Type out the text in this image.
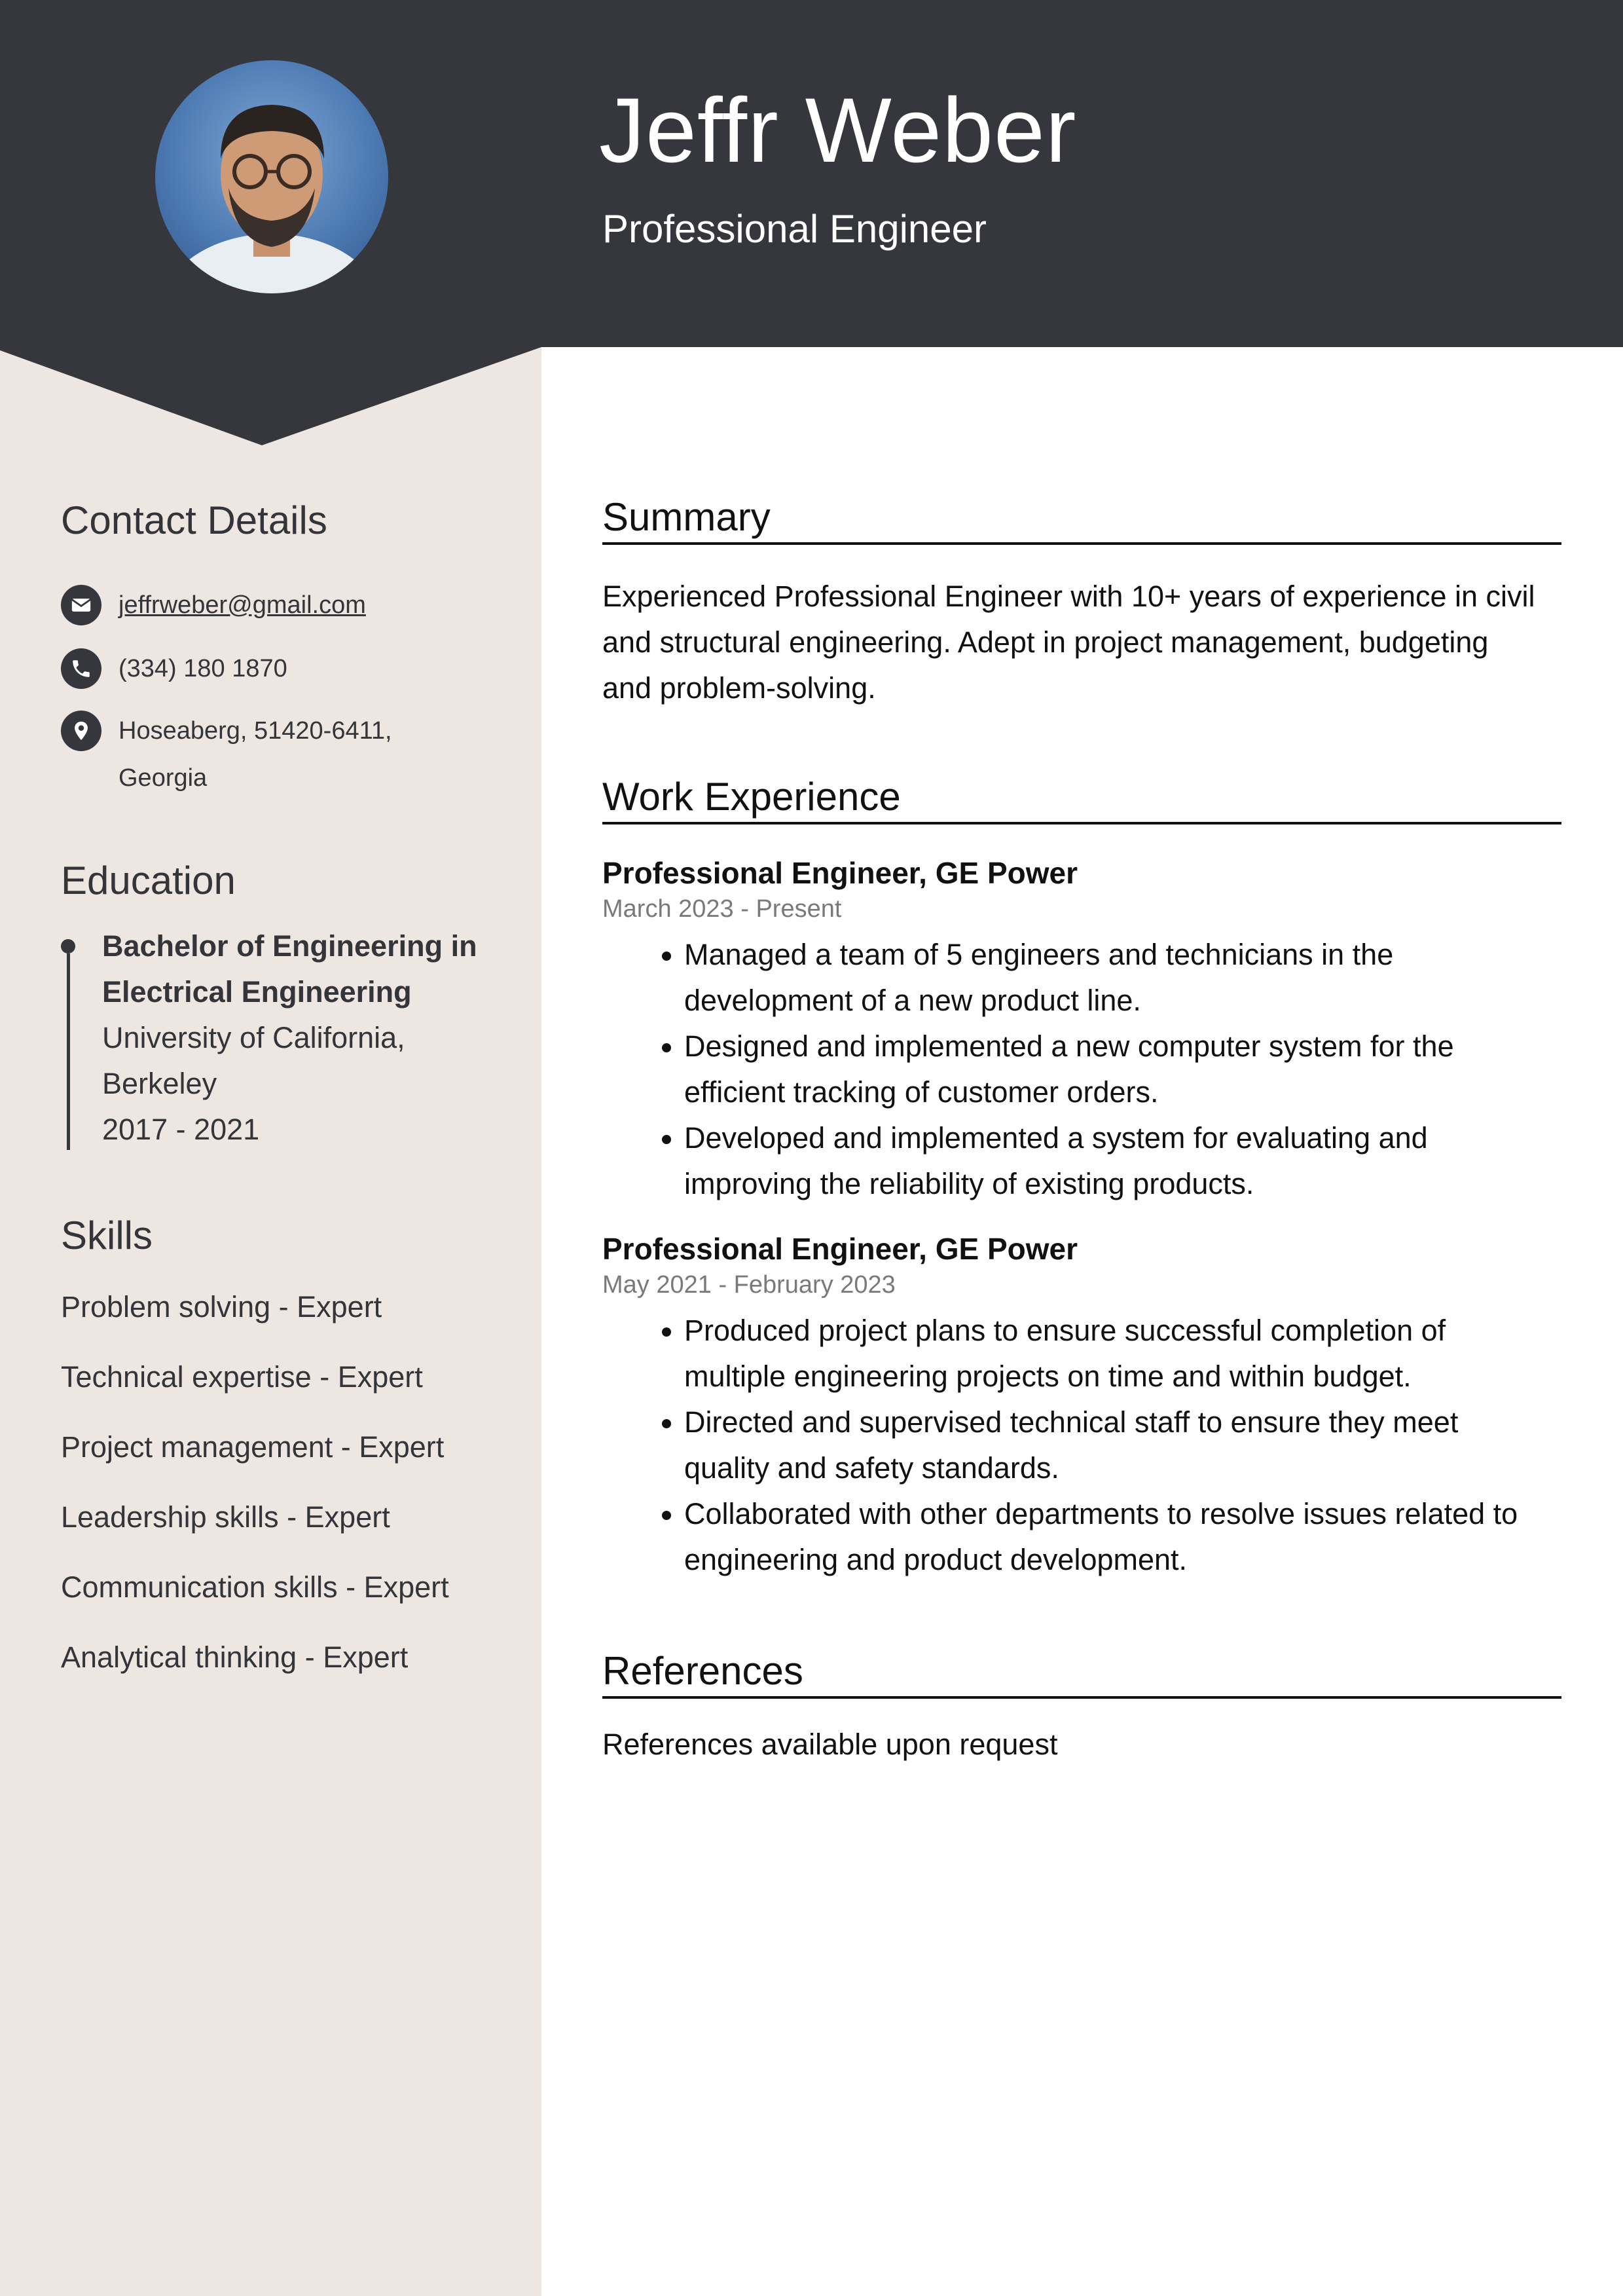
Jeffr Weber
Professional Engineer
Contact Details
jeffrweber@gmail.com
(334) 180 1870
Hoseaberg, 51420-6411,
Georgia
Education
Bachelor of Engineering in
Electrical Engineering
University of California,
Berkeley
2017 - 2021
Skills
Problem solving - Expert
Technical expertise - Expert
Project management - Expert
Leadership skills - Expert
Communication skills - Expert
Analytical thinking - Expert
Summary
Experienced Professional Engineer with 10+ years of experience in civil
and structural engineering. Adept in project management, budgeting
and problem-solving.
Work Experience
Professional Engineer, GE Power
March 2023 - Present
• Managed a team of 5 engineers and technicians in the
development of a new product line.
• Designed and implemented a new computer system for the
efficient tracking of customer orders.
• Developed and implemented a system for evaluating and
improving the reliability of existing products.
Professional Engineer, GE Power
May 2021 - February 2023
• Produced project plans to ensure successful completion of
multiple engineering projects on time and within budget.
• Directed and supervised technical staff to ensure they meet
quality and safety standards.
• Collaborated with other departments to resolve issues related to
engineering and product development.
References
References available upon request
